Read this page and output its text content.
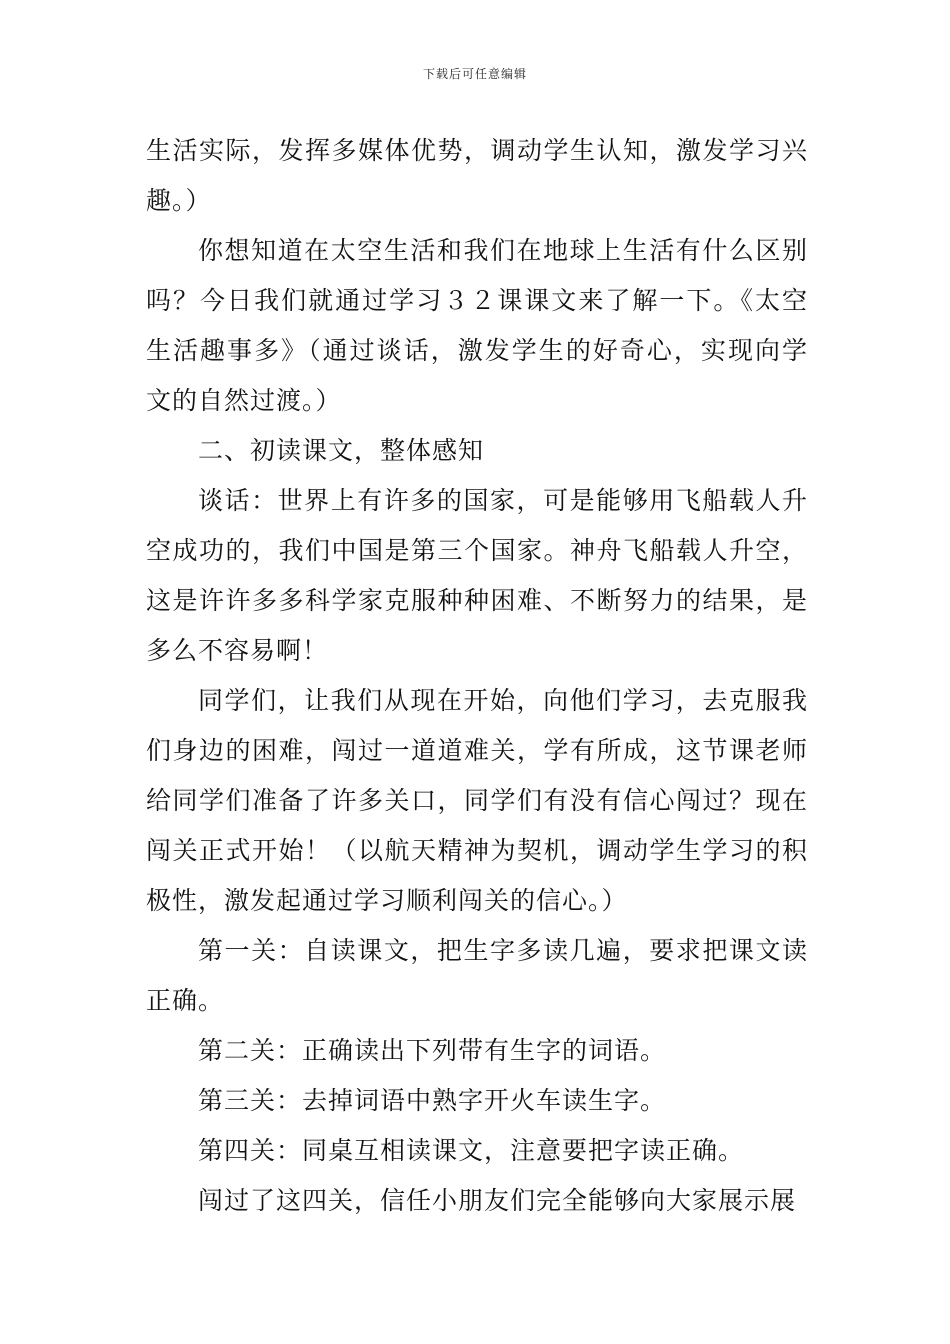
下载后可任意编辑

生活实际，发挥多媒体优势，调动学生认知，激发学习兴趣。）

你想知道在太空生活和我们在地球上生活有什么区别吗？今日我们就通过学习３２课课文来了解一下。《太空生活趣事多》（通过谈话，激发学生的好奇心，实现向学文的自然过渡。）

二、初读课文，整体感知

谈话：世界上有许多的国家，可是能够用飞船载人升空成功的，我们中国是第三个国家。神舟飞船载人升空，这是许许多多科学家克服种种困难、不断努力的结果，是多么不容易啊！

同学们，让我们从现在开始，向他们学习，去克服我们身边的困难，闯过一道道难关，学有所成，这节课老师给同学们准备了许多关口，同学们有没有信心闯过？现在闯关正式开始！（以航天精神为契机，调动学生学习的积极性，激发起通过学习顺利闯关的信心。）

第一关：自读课文，把生字多读几遍，要求把课文读正确。

第二关：正确读出下列带有生字的词语。

第三关：去掉词语中熟字开火车读生字。

第四关：同桌互相读课文，注意要把字读正确。

闯过了这四关，信任小朋友们完全能够向大家展示展
